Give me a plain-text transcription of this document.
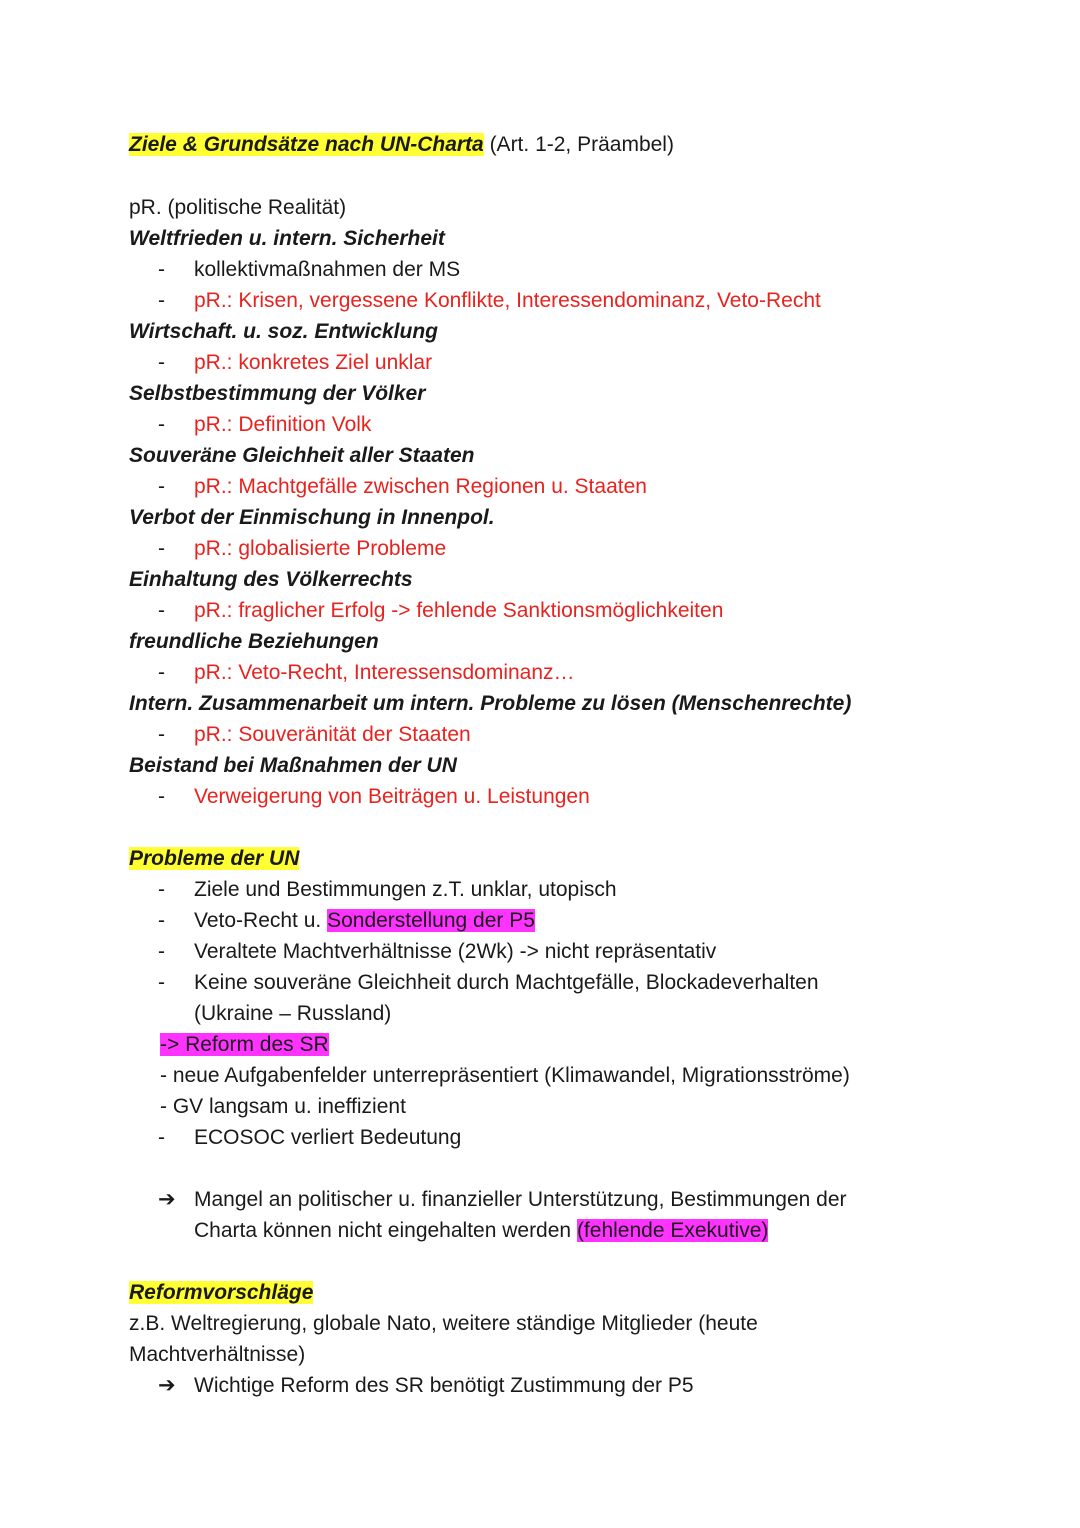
Ziele & Grundsätze nach UN-Charta (Art. 1-2, Präambel)
pR. (politische Realität)
Weltfrieden u. intern. Sicherheit
- kollektivmaßnahmen der MS
- pR.: Krisen, vergessene Konflikte, Interessendominanz, Veto-Recht
Wirtschaft. u. soz. Entwicklung
- pR.: konkretes Ziel unklar
Selbstbestimmung der Völker
- pR.: Definition Volk
Souveräne Gleichheit aller Staaten
- pR.: Machtgefälle zwischen Regionen u. Staaten
Verbot der Einmischung in Innenpol.
- pR.: globalisierte Probleme
Einhaltung des Völkerrechts
- pR.: fraglicher Erfolg -> fehlende Sanktionsmöglichkeiten
freundliche Beziehungen
- pR.: Veto-Recht, Interessensdominanz…
Intern. Zusammenarbeit um intern. Probleme zu lösen (Menschenrechte)
- pR.: Souveränität der Staaten
Beistand bei Maßnahmen der UN
- Verweigerung von Beiträgen u. Leistungen
Probleme der UN
- Ziele und Bestimmungen z.T. unklar, utopisch
- Veto-Recht u. Sonderstellung der P5
- Veraltete Machtverhältnisse (2Wk) -> nicht repräsentativ
- Keine souveräne Gleichheit durch Machtgefälle, Blockadeverhalten
(Ukraine – Russland)
-> Reform des SR
- neue Aufgabenfelder unterrepräsentiert (Klimawandel, Migrationsströme)
- GV langsam u. ineffizient
- ECOSOC verliert Bedeutung
➔ Mangel an politischer u. finanzieller Unterstützung, Bestimmungen der
Charta können nicht eingehalten werden (fehlende Exekutive)
Reformvorschläge
z.B. Weltregierung, globale Nato, weitere ständige Mitglieder (heute
Machtverhältnisse)
➔ Wichtige Reform des SR benötigt Zustimmung der P5
